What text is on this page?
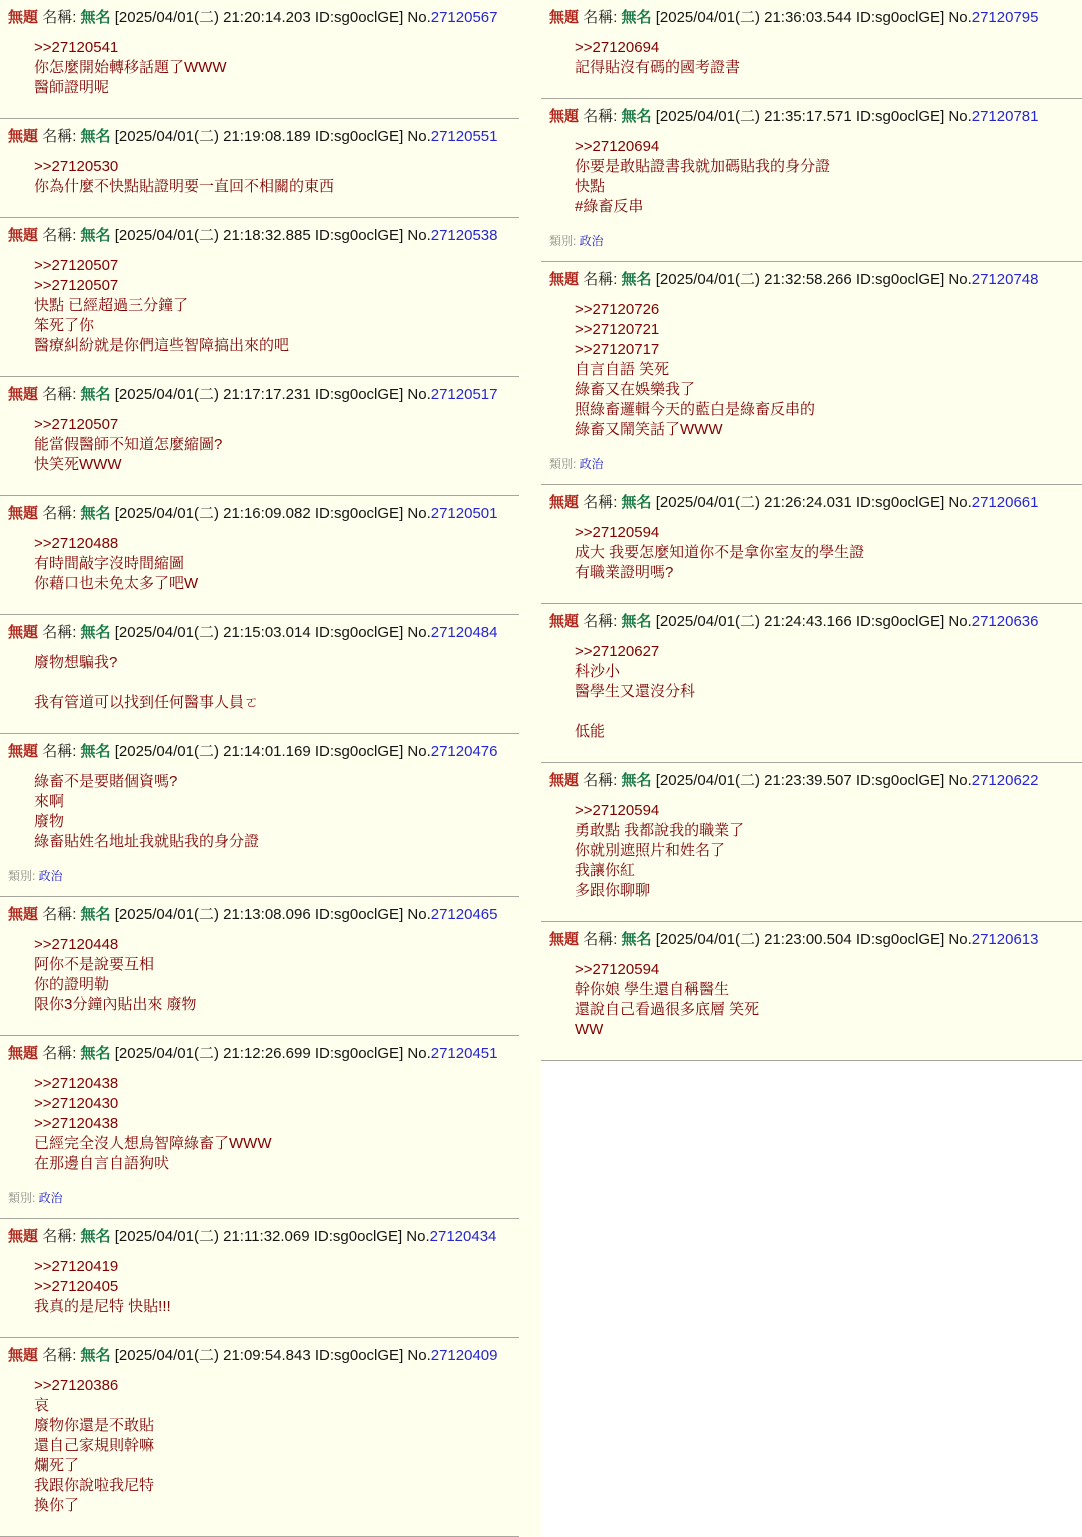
無題 名稱: 無名 [2025/04/01(二) 21:20:14.203 ID:sg0oclGE] No.27120567
>>27120541
你怎麼開始轉移話題了WWW
醫師證明呢
無題 名稱: 無名 [2025/04/01(二) 21:19:08.189 ID:sg0oclGE] No.27120551
>>27120530
你為什麼不快點貼證明要一直回不相關的東西
無題 名稱: 無名 [2025/04/01(二) 21:18:32.885 ID:sg0oclGE] No.27120538
>>27120507
>>27120507
快點 已經超過三分鐘了
笨死了你
醫療糾紛就是你們這些智障搞出來的吧
無題 名稱: 無名 [2025/04/01(二) 21:17:17.231 ID:sg0oclGE] No.27120517
>>27120507
能當假醫師不知道怎麼縮圖?
快笑死WWW
無題 名稱: 無名 [2025/04/01(二) 21:16:09.082 ID:sg0oclGE] No.27120501
>>27120488
有時間敲字沒時間縮圖
你藉口也未免太多了吧W
無題 名稱: 無名 [2025/04/01(二) 21:15:03.014 ID:sg0oclGE] No.27120484
廢物想騙我?

我有管道可以找到任何醫事人員ㄛ
無題 名稱: 無名 [2025/04/01(二) 21:14:01.169 ID:sg0oclGE] No.27120476
綠畜不是要賭個資嗎?
來啊
廢物
綠畜貼姓名地址我就貼我的身分證
類別: 政治
無題 名稱: 無名 [2025/04/01(二) 21:13:08.096 ID:sg0oclGE] No.27120465
>>27120448
阿你不是說要互相
你的證明勒
限你3分鐘內貼出來 廢物
無題 名稱: 無名 [2025/04/01(二) 21:12:26.699 ID:sg0oclGE] No.27120451
>>27120438
>>27120430
>>27120438
已經完全沒人想鳥智障綠畜了WWW
在那邊自言自語狗吠
類別: 政治
無題 名稱: 無名 [2025/04/01(二) 21:11:32.069 ID:sg0oclGE] No.27120434
>>27120419
>>27120405
我真的是尼特 快貼!!!
無題 名稱: 無名 [2025/04/01(二) 21:09:54.843 ID:sg0oclGE] No.27120409
>>27120386
哀
廢物你還是不敢貼
還自己家規則幹嘛
爛死了
我跟你說啦我尼特
換你了
無題 名稱: 無名 [2025/04/01(二) 21:36:03.544 ID:sg0oclGE] No.27120795
>>27120694
記得貼沒有碼的國考證書
無題 名稱: 無名 [2025/04/01(二) 21:35:17.571 ID:sg0oclGE] No.27120781
>>27120694
你要是敢貼證書我就加碼貼我的身分證
快點
#綠畜反串
類別: 政治
無題 名稱: 無名 [2025/04/01(二) 21:32:58.266 ID:sg0oclGE] No.27120748
>>27120726
>>27120721
>>27120717
自言自語 笑死
綠畜又在娛樂我了
照綠畜邏輯今天的藍白是綠畜反串的
綠畜又鬧笑話了WWW
類別: 政治
無題 名稱: 無名 [2025/04/01(二) 21:26:24.031 ID:sg0oclGE] No.27120661
>>27120594
成大 我要怎麼知道你不是拿你室友的學生證
有職業證明嗎?
無題 名稱: 無名 [2025/04/01(二) 21:24:43.166 ID:sg0oclGE] No.27120636
>>27120627
科沙小
醫學生又還沒分科

低能
無題 名稱: 無名 [2025/04/01(二) 21:23:39.507 ID:sg0oclGE] No.27120622
>>27120594
勇敢點 我都說我的職業了
你就別遮照片和姓名了
我讓你紅
多跟你聊聊
無題 名稱: 無名 [2025/04/01(二) 21:23:00.504 ID:sg0oclGE] No.27120613
>>27120594
幹你娘 學生還自稱醫生
還說自己看過很多底層 笑死
WW
